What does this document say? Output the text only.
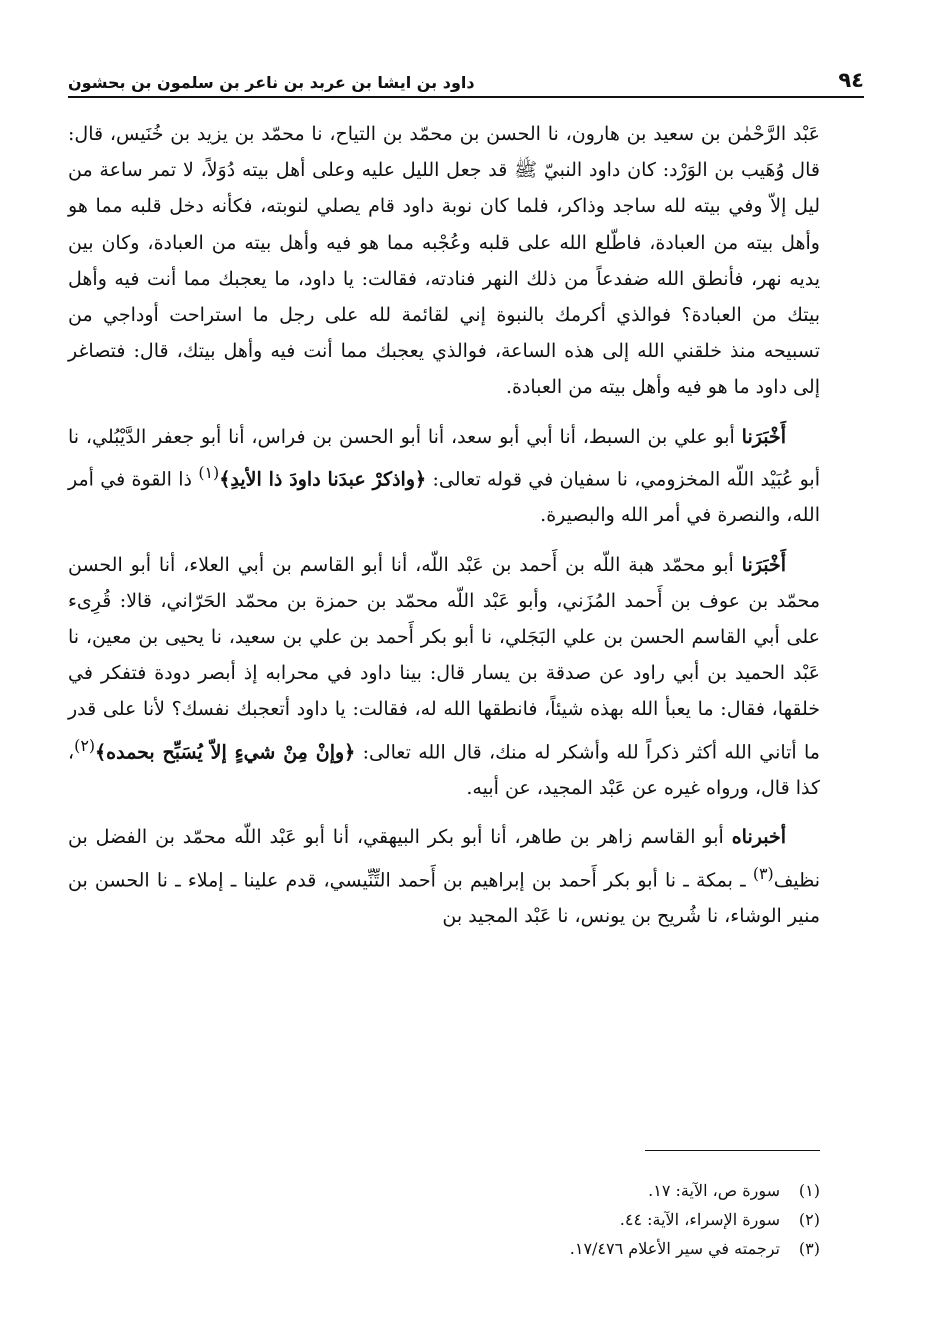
٩٤
داود بن ايشا بن عربد بن ناعر بن سلمون بن بحشون

عَبْد الرَّحْمٰن بن سعيد بن هارون، نا الحسن بن محمّد بن التياح، نا محمّد بن يزيد بن خُنَيس، قال: قال وُهَيب بن الوَرْد: كان داود النبيّ ﷺ قد جعل الليل عليه وعلى أهل بيته دُوَلاً، لا تمر ساعة من ليل إلاّ وفي بيته لله ساجد وذاكر، فلما كان نوبة داود قام يصلي لنوبته، فكأنه دخل قلبه مما هو وأهل بيته من العبادة، فاطّلع الله على قلبه وعُجْبه مما هو فيه وأهل بيته من العبادة، وكان بين يديه نهر، فأنطق الله ضفدعاً من ذلك النهر فنادته، فقالت: يا داود، ما يعجبك مما أنت فيه وأهل بيتك من العبادة؟ فوالذي أكرمك بالنبوة إني لقائمة لله على رجل ما استراحت أوداجي من تسبيحه منذ خلقني الله إلى هذه الساعة، فوالذي يعجبك مما أنت فيه وأهل بيتك، قال: فتصاغر إلى داود ما هو فيه وأهل بيته من العبادة.

أَخْبَرَنا أبو علي بن السبط، أنا أبي أبو سعد، أنا أبو الحسن بن فراس، أنا أبو جعفر الدَّيْبُلي، نا أبو عُبَيْد اللّه المخزومي، نا سفيان في قوله تعالى: ﴿واذكرْ عبدَنا داودَ ذا الأيدِ﴾$^{(١)}$ ذا القوة في أمر الله، والنصرة في أمر الله والبصيرة.

أَخْبَرَنا أبو محمّد هبة اللّه بن أَحمد بن عَبْد اللّه، أنا أبو القاسم بن أبي العلاء، أنا أبو الحسن محمّد بن عوف بن أَحمد المُزَني، وأبو عَبْد اللّه محمّد بن حمزة بن محمّد الحَرّاني، قالا: قُرِىء على أبي القاسم الحسن بن علي البَجَلي، نا أبو بكر أَحمد بن علي بن سعيد، نا يحيى بن معين، نا عَبْد الحميد بن أبي راود عن صدقة بن يسار قال: بينا داود في محرابه إذ أبصر دودة فتفكر في خلقها، فقال: ما يعبأ الله بهذه شيئاً، فانطقها الله له، فقالت: يا داود أتعجبك نفسك؟ لأنا على قدر ما أتاني الله أكثر ذكراً لله وأشكر له منك، قال الله تعالى: ﴿وإنْ مِنْ شيءٍ إلاّ يُسَبِّح بحمده﴾$^{(٢)}$، كذا قال، ورواه غيره عن عَبْد المجيد، عن أبيه.

أخبرناه أبو القاسم زاهر بن طاهر، أنا أبو بكر البيهقي، أنا أبو عَبْد اللّه محمّد بن الفضل بن نظيف$^{(٣)}$ ـ بمكة ـ نا أبو بكر أَحمد بن إبراهيم بن أَحمد التِّنِّيسي، قدم علينا ـ إملاء ـ نا الحسن بن منير الوشاء، نا شُريح بن يونس، نا عَبْد المجيد بن

(١)
سورة ص، الآية: ١٧.
(٢)
سورة الإسراء، الآية: ٤٤.
(٣)
ترجمته في سير الأعلام ١٧/٤٧٦.
